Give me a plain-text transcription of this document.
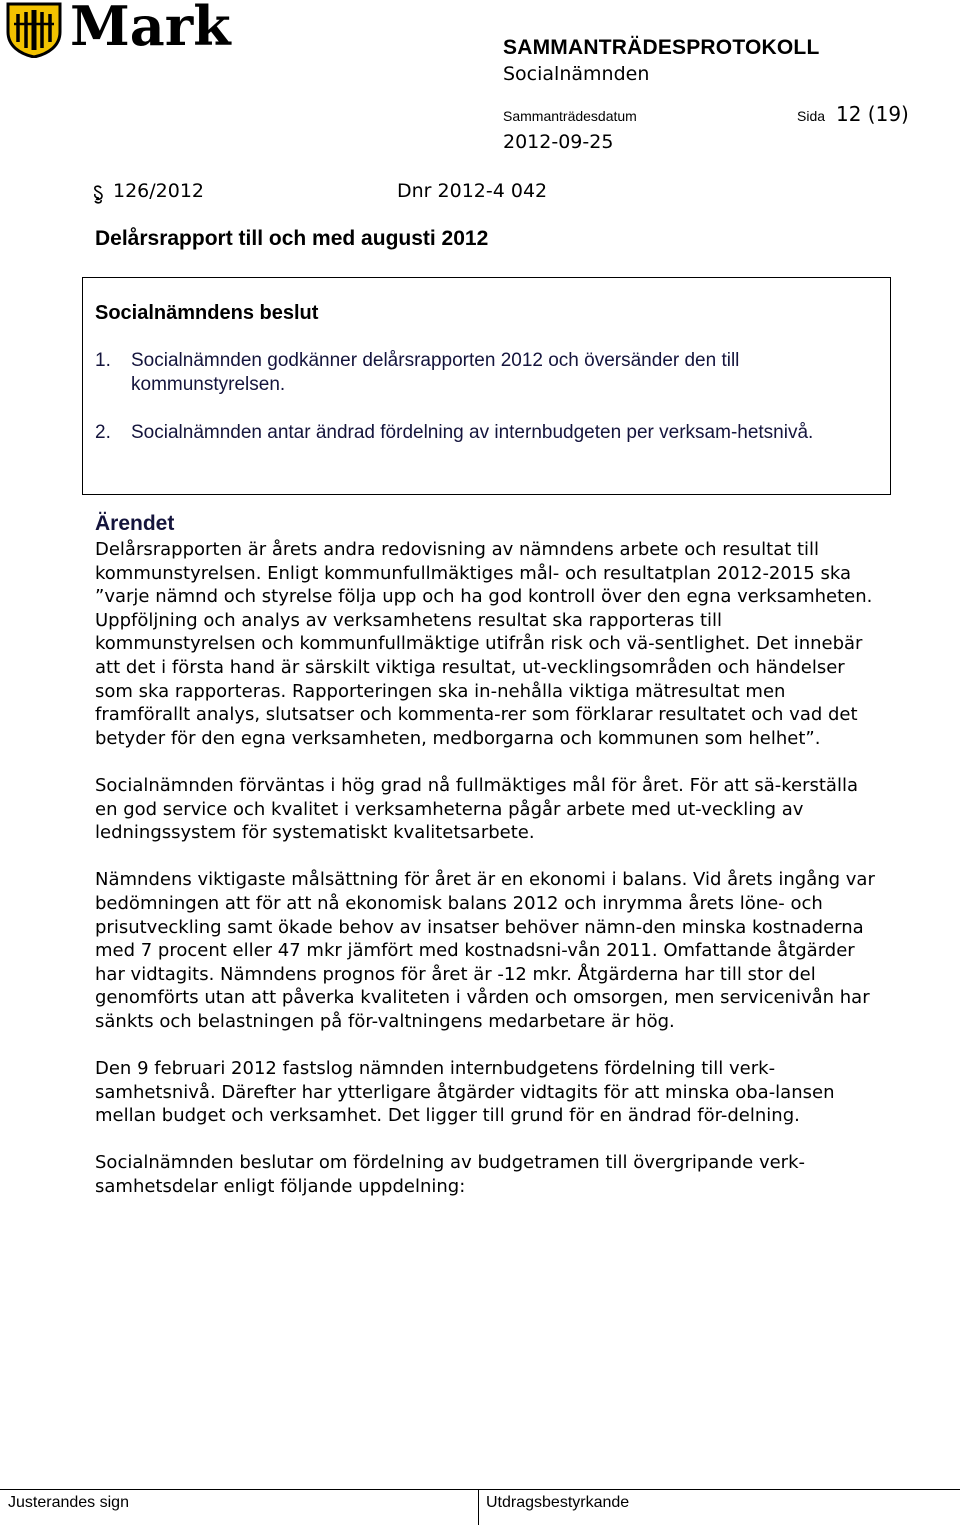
Mark	SAMMANTRÄDESPROTOKOLL
Socialnämnden
Sammanträdesdatum	Sida 12 (19)
2012-09-25
126/2012	Dnr 2012-4 042
Delårsrapport till och med augusti 2012
Socialnämndens beslut
1. Socialnämnden godkänner delårsrapporten 2012 och översänder den till kommunstyrelsen.
2. Socialnämnden antar ändrad fördelning av internbudgeten per verksam-hetsnivå.
Ärendet

Delårsrapporten är årets andra redovisning av nämndens arbete och resultat till kommunstyrelsen. Enligt kommunfullmäktiges mål- och resultatplan 2012-2015 ska ”varje nämnd och styrelse följa upp och ha god kontroll över den egna verksamheten. Uppföljning och analys av verksamhetens resultat ska rapporteras till kommunstyrelsen och kommunfullmäktige utifrån risk och vä-sentlighet. Det innebär att det i första hand är särskilt viktiga resultat, ut-vecklingsområden och händelser som ska rapporteras. Rapporteringen ska in-nehålla viktiga mätresultat men framförallt analys, slutsatser och kommenta-rer som förklarar resultatet och vad det betyder för den egna verksamheten, medborgarna och kommunen som helhet”.

Socialnämnden förväntas i hög grad nå fullmäktiges mål för året. För att sä-kerställa en god service och kvalitet i verksamheterna pågår arbete med ut-veckling av ledningssystem för systematiskt kvalitetsarbete.

Nämndens viktigaste målsättning för året är en ekonomi i balans. Vid årets ingång var bedömningen att för att nå ekonomisk balans 2012 och inrymma årets löne- och prisutveckling samt ökade behov av insatser behöver nämn-den minska kostnaderna med 7 procent eller 47 mkr jämfört med kostnadsni-vån 2011. Omfattande åtgärder har vidtagits. Nämndens prognos för året är -12 mkr. Åtgärderna har till stor del genomförts utan att påverka kvaliteten i vården och omsorgen, men servicenivån har sänkts och belastningen på för-valtningens medarbetare är hög.

Den 9 februari 2012 fastslog nämnden internbudgetens fördelning till verk-samhetsnivå. Därefter har ytterligare åtgärder vidtagits för att minska oba-lansen mellan budget och verksamhet. Det ligger till grund för en ändrad för-delning.

Socialnämnden beslutar om fördelning av budgetramen till övergripande verk-samhetsdelar enligt följande uppdelning:

Justerandes sign	Utdragsbestyrkande
